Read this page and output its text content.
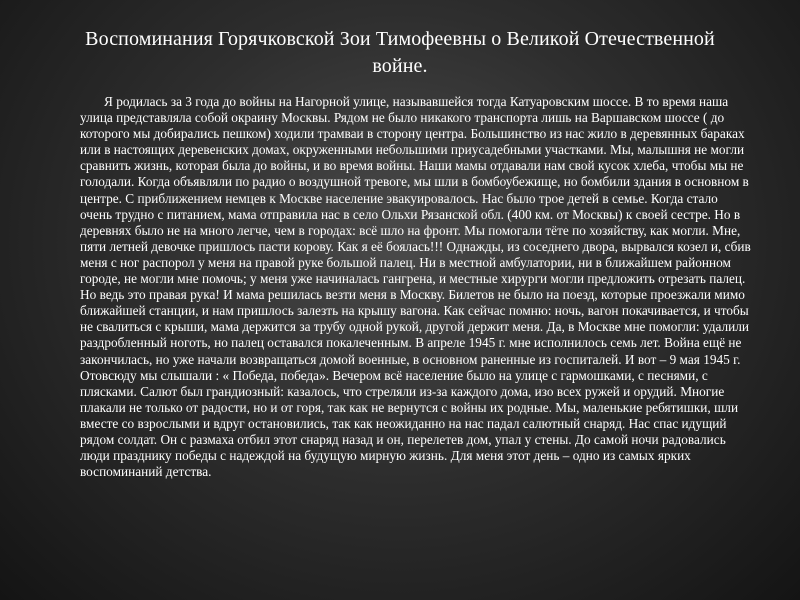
Воспоминания Горячковской Зои Тимофеевны о Великой Отечественной войне.

Я родилась за 3 года до войны на Нагорной улице, называвшейся тогда Катуаровским шоссе. В то время наша улица представляла собой окраину Москвы. Рядом не было никакого транспорта лишь на Варшавском шоссе ( до которого мы добирались пешком) ходили трамваи в сторону центра. Большинство из нас жило в деревянных бараках или в настоящих деревенских домах, окруженными небольшими приусадебными участками. Мы, малышня не могли сравнить жизнь, которая была до войны, и во время войны. Наши мамы отдавали нам свой кусок хлеба, чтобы мы не голодали. Когда объявляли по радио о воздушной тревоге, мы шли в бомбоубежище, но бомбили здания в основном в центре. С приближением немцев к Москве население эвакуировалось. Нас было трое детей в семье. Когда стало очень трудно с питанием, мама отправила нас в село Ольхи Рязанской обл. (400 км. от Москвы) к своей сестре. Но в деревнях было не на много легче, чем в городах: всё шло на фронт. Мы помогали тёте по хозяйству, как могли. Мне, пяти летней девочке пришлось пасти корову. Как я её боялась!!! Однажды, из соседнего двора, вырвался козел и, сбив меня с ног распорол у меня на правой руке большой палец. Ни в местной амбулатории, ни в ближайшем районном городе, не могли мне помочь; у меня уже начиналась гангрена, и местные хирурги могли предложить отрезать палец. Но ведь это правая рука! И мама решилась везти меня в Москву. Билетов не было на поезд, которые проезжали мимо ближайшей станции, и нам пришлось залезть на крышу вагона. Как сейчас помню: ночь, вагон покачивается, и чтобы не свалиться с крыши, мама держится за трубу одной рукой, другой держит меня. Да, в Москве мне помогли: удалили раздробленный ноготь, но палец оставался покалеченным. В апреле 1945 г. мне исполнилось семь лет. Война ещё не закончилась, но уже начали возвращаться домой военные, в основном раненные из госпиталей. И вот – 9 мая 1945 г. Отовсюду мы слышали : « Победа, победа». Вечером всё население было на улице с гармошками, с песнями, с плясками. Салют был грандиозный: казалось, что стреляли из-за каждого дома, изо всех ружей и орудий. Многие плакали не только от радости, но и от горя, так как не вернутся с войны их родные. Мы, маленькие ребятишки, шли вместе со взрослыми и вдруг остановились, так как неожиданно на нас падал салютный снаряд. Нас спас идущий рядом солдат. Он с размаха отбил этот снаряд назад и он, перелетев дом, упал у стены. До самой ночи радовались люди празднику победы с надеждой на будущую мирную жизнь. Для меня этот день – одно из самых ярких воспоминаний детства.
